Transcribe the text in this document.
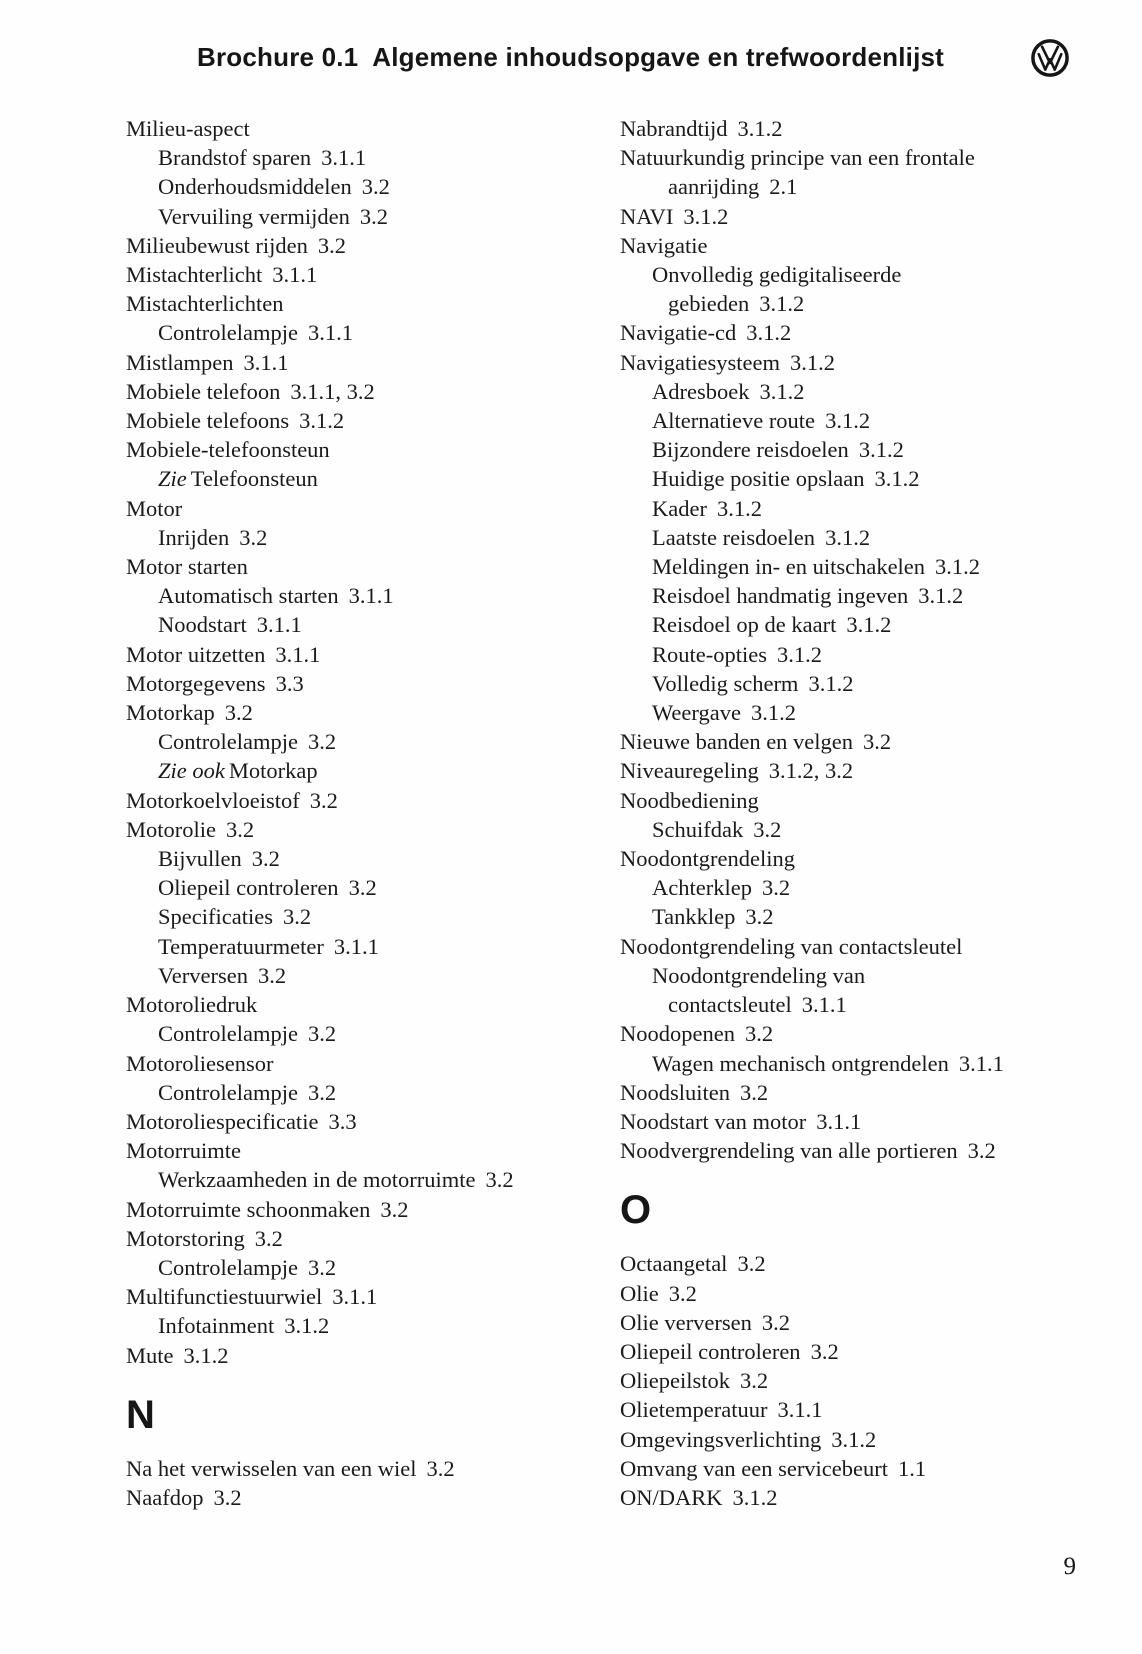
Brochure 0.1  Algemene inhoudsopgave en trefwoordenlijst
Milieu-aspect
Brandstof sparen 3.1.1
Onderhoudsmiddelen 3.2
Vervuiling vermijden 3.2
Milieubewust rijden 3.2
Mistachterlicht 3.1.1
Mistachterlichten
Controlelampje 3.1.1
Mistlampen 3.1.1
Mobiele telefoon 3.1.1, 3.2
Mobiele telefoons 3.1.2
Mobiele-telefoonsteun
Zie Telefoonsteun
Motor
Inrijden 3.2
Motor starten
Automatisch starten 3.1.1
Noodstart 3.1.1
Motor uitzetten 3.1.1
Motorgegevens 3.3
Motorkap 3.2
Controlelampje 3.2
Zie ook Motorkap
Motorkoelvloeistof 3.2
Motorolie 3.2
Bijvullen 3.2
Oliepeil controleren 3.2
Specificaties 3.2
Temperatuurmeter 3.1.1
Verversen 3.2
Motoroliedruk
Controlelampje 3.2
Motoroliesensor
Controlelampje 3.2
Motoroliespecificatie 3.3
Motorruimte
Werkzaamheden in de motorruimte 3.2
Motorruimte schoonmaken 3.2
Motorstoring 3.2
Controlelampje 3.2
Multifunctiestuurwiel 3.1.1
Infotainment 3.1.2
Mute 3.1.2
N
Na het verwisselen van een wiel 3.2
Naafdop 3.2
Nabrandtijd 3.1.2
Natuurkundig principe van een frontale
aanrijding 2.1
NAVI 3.1.2
Navigatie
Onvolledig gedigitaliseerde
gebieden 3.1.2
Navigatie-cd 3.1.2
Navigatiesysteem 3.1.2
Adresboek 3.1.2
Alternatieve route 3.1.2
Bijzondere reisdoelen 3.1.2
Huidige positie opslaan 3.1.2
Kader 3.1.2
Laatste reisdoelen 3.1.2
Meldingen in- en uitschakelen 3.1.2
Reisdoel handmatig ingeven 3.1.2
Reisdoel op de kaart 3.1.2
Route-opties 3.1.2
Volledig scherm 3.1.2
Weergave 3.1.2
Nieuwe banden en velgen 3.2
Niveauregeling 3.1.2, 3.2
Noodbediening
Schuifdak 3.2
Noodontgrendeling
Achterklep 3.2
Tankklep 3.2
Noodontgrendeling van contactsleutel
Noodontgrendeling van
contactsleutel 3.1.1
Noodopenen 3.2
Wagen mechanisch ontgrendelen 3.1.1
Noodsluiten 3.2
Noodstart van motor 3.1.1
Noodvergrendeling van alle portieren 3.2
O
Octaangetal 3.2
Olie 3.2
Olie verversen 3.2
Oliepeil controleren 3.2
Oliepeilstok 3.2
Olietemperatuur 3.1.1
Omgevingsverlichting 3.1.2
Omvang van een servicebeurt 1.1
ON/DARK 3.1.2
9
